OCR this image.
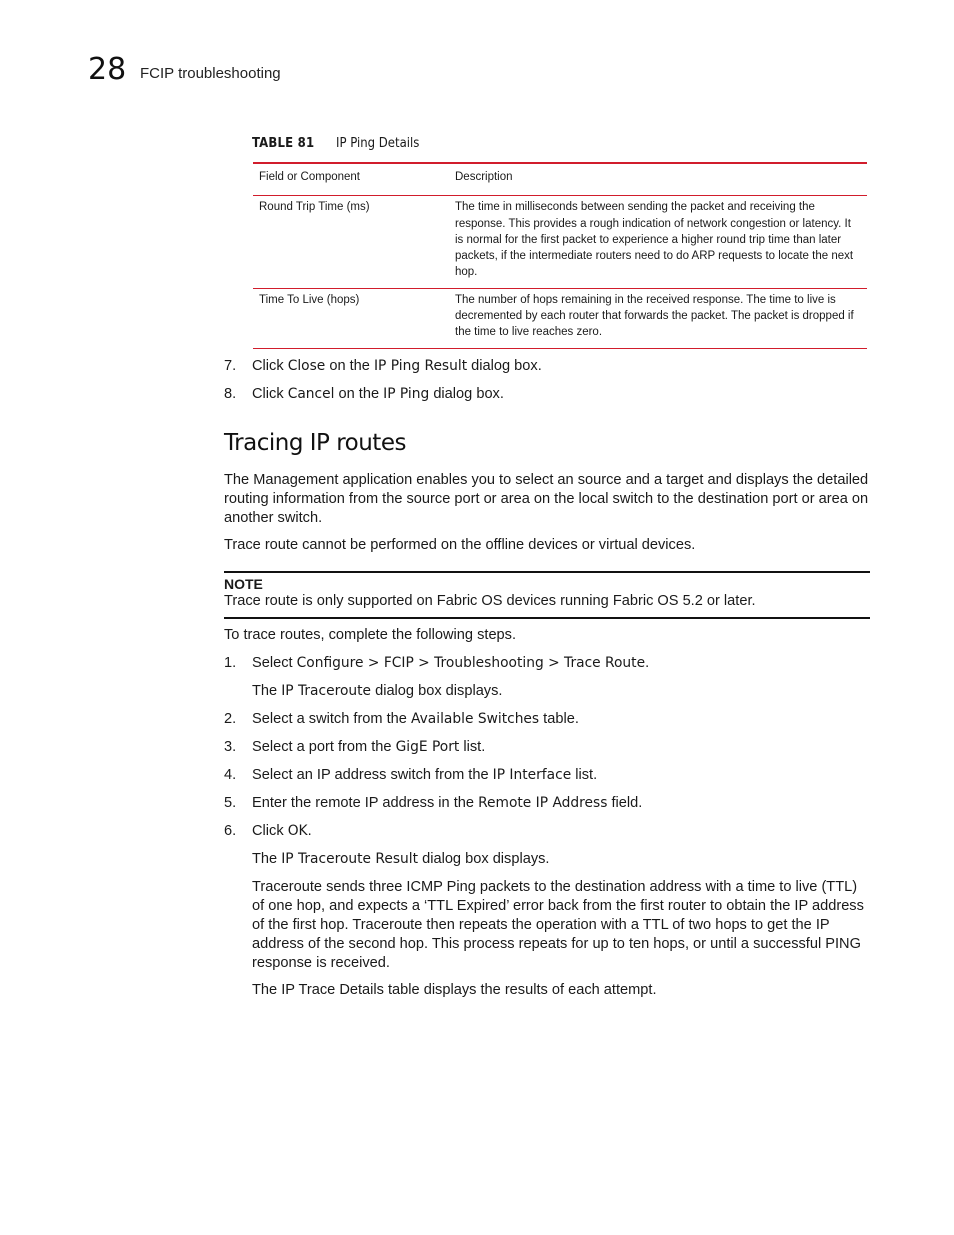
28 FCIP troubleshooting
TABLE 81 IP Ping Details
Field or Component	Description
Round Trip Time (ms)	The time in milliseconds between sending the packet and receiving the response. This provides a rough indication of network congestion or latency. It is normal for the first packet to experience a higher round trip time than later packets, if the intermediate routers need to do ARP requests to locate the next hop.
Time To Live (hops)	The number of hops remaining in the received response. The time to live is decremented by each router that forwards the packet. The packet is dropped if the time to live reaches zero.
7. Click Close on the IP Ping Result dialog box.
8. Click Cancel on the IP Ping dialog box.
Tracing IP routes
The Management application enables you to select an source and a target and displays the detailed routing information from the source port or area on the local switch to the destination port or area on another switch.
Trace route cannot be performed on the offline devices or virtual devices.
NOTE
Trace route is only supported on Fabric OS devices running Fabric OS 5.2 or later.
To trace routes, complete the following steps.
1. Select Configure > FCIP > Troubleshooting > Trace Route.
The IP Traceroute dialog box displays.
2. Select a switch from the Available Switches table.
3. Select a port from the GigE Port list.
4. Select an IP address switch from the IP Interface list.
5. Enter the remote IP address in the Remote IP Address field.
6. Click OK.
The IP Traceroute Result dialog box displays.
Traceroute sends three ICMP Ping packets to the destination address with a time to live (TTL) of one hop, and expects a ‘TTL Expired’ error back from the first router to obtain the IP address of the first hop. Traceroute then repeats the operation with a TTL of two hops to get the IP address of the second hop. This process repeats for up to ten hops, or until a successful PING response is received.
The IP Trace Details table displays the results of each attempt.
